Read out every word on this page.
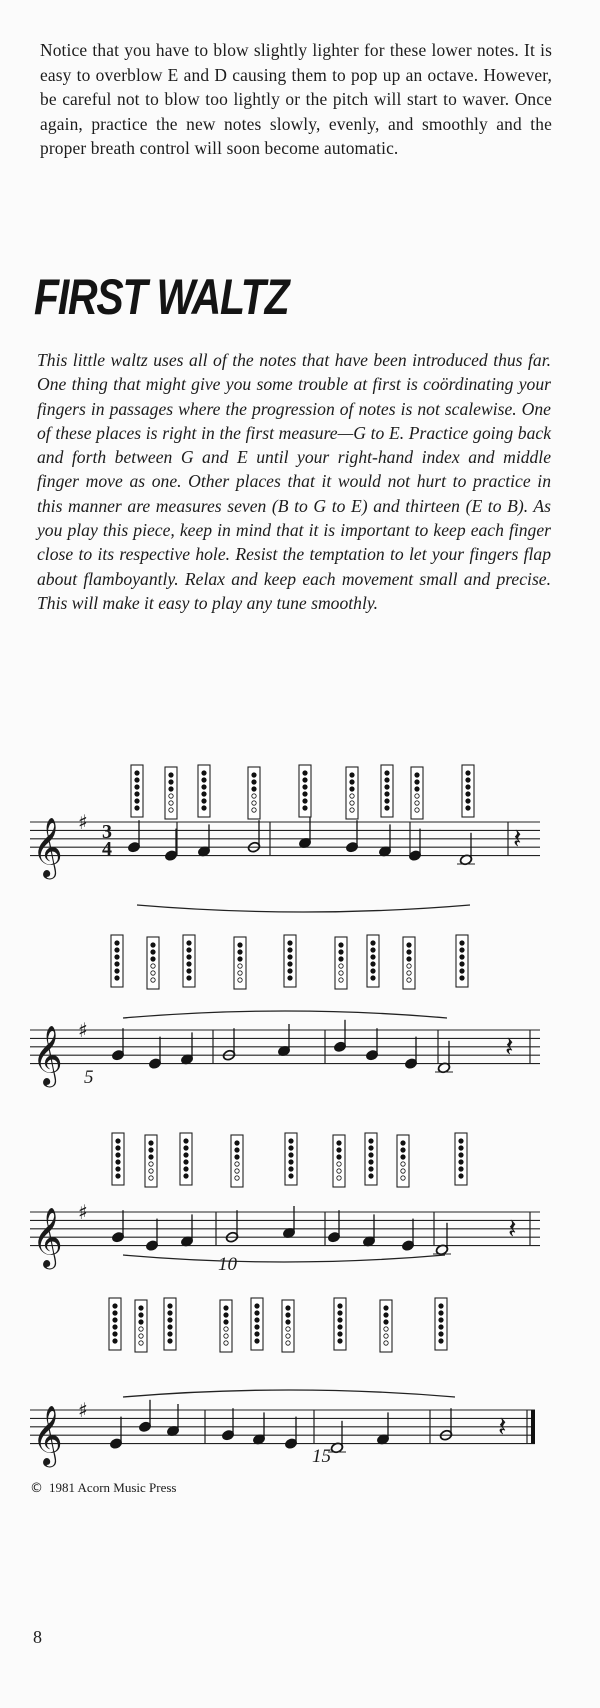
Notice that you have to blow slightly lighter for these lower notes. It is easy to overblow E and D causing them to pop up an octave. However, be careful not to blow too lightly or the pitch will start to waver. Once again, practice the new notes slowly, evenly, and smoothly and the proper breath control will soon become automatic.

FIRST WALTZ

This little waltz uses all of the notes that have been introduced thus far. One thing that might give you some trouble at first is coördinating your fingers in passages where the progression of notes is not scalewise. One of these places is right in the first measure—G to E. Practice going back and forth between G and E until your right-hand index and middle finger move as one. Other places that it would not hurt to practice in this manner are measures seven (B to G to E) and thirteen (E to B). As you play this piece, keep in mind that it is important to keep each finger close to its respective hole. Resist the temptation to let your fingers flap about flamboyantly. Relax and keep each movement small and precise. This will make it easy to play any tune smoothly.

𝄞 ♯ 3
4	𝄽
𝄞 ♯	𝄽
𝄞 ♯	𝄽
𝄞 ♯	𝄽
5
10
15
© 1981 Acorn Music Press
8
